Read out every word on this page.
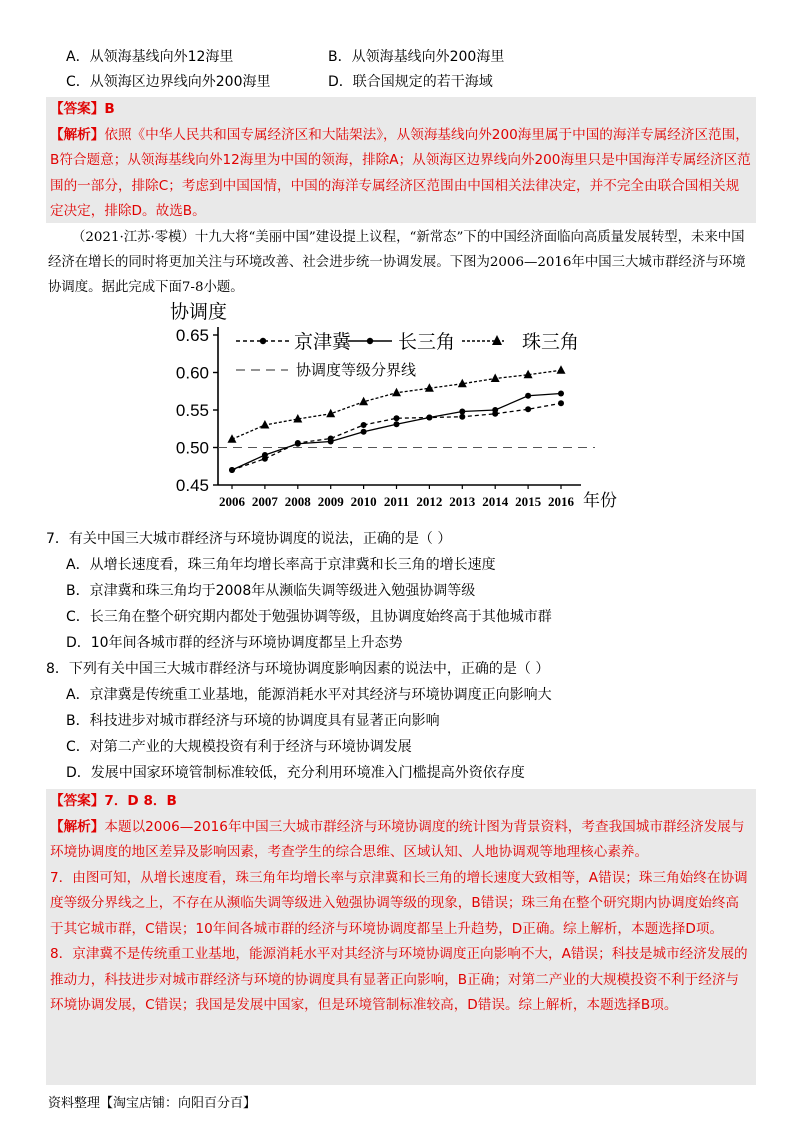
A．从领海基线向外12海里	B．从领海基线向外200海里
C．从领海区边界线向外200海里	D．联合国规定的若干海域

【答案】B

【解析】依照《中华人民共和国专属经济区和大陆架法》，从领海基线向外200海里属于中国的海洋专属经济区范围，B符合题意；从领海基线向外12海里为中国的领海，排除A；从领海区边界线向外200海里只是中国海洋专属经济区范围的一部分，排除C；考虑到中国国情，中国的海洋专属经济区范围由中国相关法律决定，并不完全由联合国相关规定决定，排除D。故选B。

（2021·江苏·零模）十九大将“美丽中国”建设提上议程，“新常态”下的中国经济面临向高质量发展转型，未来中国经济在增长的同时将更加关注与环境改善、社会进步统一协调发展。下图为2006—2016年中国三大城市群经济与环境协调度。据此完成下面7-8小题。

0.45
0.50
0.55
0.60
0.65
2006 2007 2008 2009 2010 2011 2012 2013 2014 2015 2016
协调度
年份
京津冀 长三角	珠三角
协调度等级分界线
7．有关中国三大城市群经济与环境协调度的说法，正确的是（ ）
A．从增长速度看，珠三角年均增长率高于京津冀和长三角的增长速度
B．京津冀和珠三角均于2008年从濒临失调等级进入勉强协调等级
C．长三角在整个研究期内都处于勉强协调等级，且协调度始终高于其他城市群
D．10年间各城市群的经济与环境协调度都呈上升态势
8．下列有关中国三大城市群经济与环境协调度影响因素的说法中，正确的是（ ）
A．京津冀是传统重工业基地，能源消耗水平对其经济与环境协调度正向影响大
B．科技进步对城市群经济与环境的协调度具有显著正向影响
C．对第二产业的大规模投资有利于经济与环境协调发展
D．发展中国家环境管制标准较低，充分利用环境准入门槛提高外资依存度

【答案】7．D 8．B

【解析】本题以2006—2016年中国三大城市群经济与环境协调度的统计图为背景资料，考查我国城市群经济发展与环境协调度的地区差异及影响因素，考查学生的综合思维、区域认知、人地协调观等地理核心素养。

7．由图可知，从增长速度看，珠三角年均增长率与京津冀和长三角的增长速度大致相等，A错误；珠三角始终在协调度等级分界线之上，不存在从濒临失调等级进入勉强协调等级的现象，B错误；珠三角在整个研究期内协调度始终高于其它城市群，C错误；10年间各城市群的经济与环境协调度都呈上升趋势，D正确。综上解析，本题选择D项。

8．京津冀不是传统重工业基地，能源消耗水平对其经济与环境协调度正向影响不大，A错误；科技是城市经济发展的推动力，科技进步对城市群经济与环境的协调度具有显著正向影响，B正确；对第二产业的大规模投资不利于经济与环境协调发展，C错误；我国是发展中国家，但是环境管制标准较高，D错误。综上解析，本题选择B项。

资料整理【淘宝店铺：向阳百分百】
